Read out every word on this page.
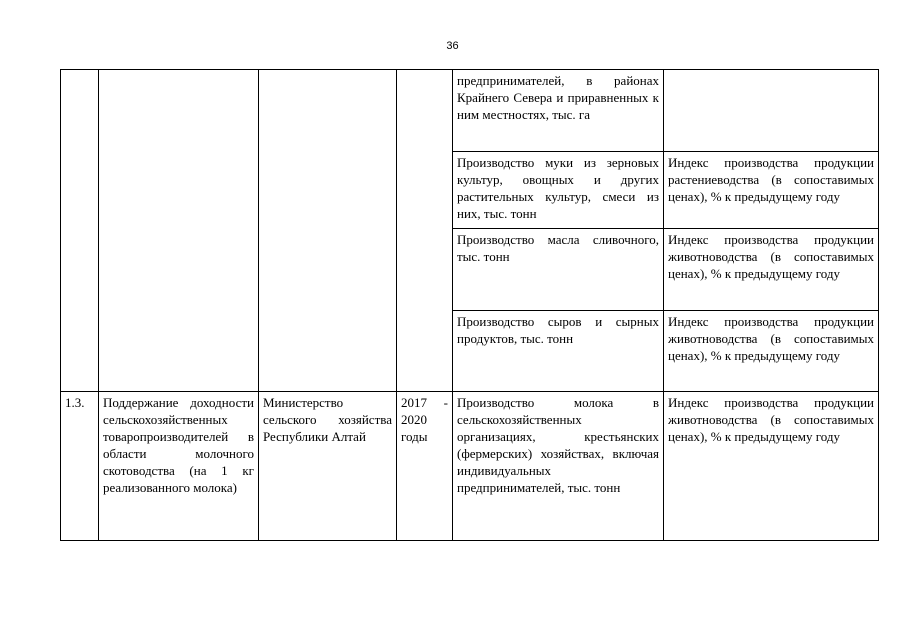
36
				предпринимателей, в районах Крайнего Севера и приравненных к ним местностях, тыс. га	
				Производство муки из зерновых культур, овощных и других растительных культур, смеси из них, тыс. тонн	Индекс производства продукции растениеводства (в сопоставимых ценах), % к предыдущему году
				Производство масла сливочного, тыс. тонн	Индекс производства продукции животноводства (в сопоставимых ценах), % к предыдущему году
				Производство сыров и сырных продуктов, тыс. тонн	Индекс производства продукции животноводства (в сопоставимых ценах), % к предыдущему году
1.3.	Поддержание доходности сельскохозяйственных товаропроизводителей в области молочного скотоводства (на 1 кг реализованного молока)	Министерство сельского хозяйства Республики Алтай	2017 - 2020 годы	Производство молока в сельскохозяйственных организациях, крестьянских (фермерских) хозяйствах, включая индивидуальных предпринимателей, тыс. тонн	Индекс производства продукции животноводства (в сопоставимых ценах), % к предыдущему году
